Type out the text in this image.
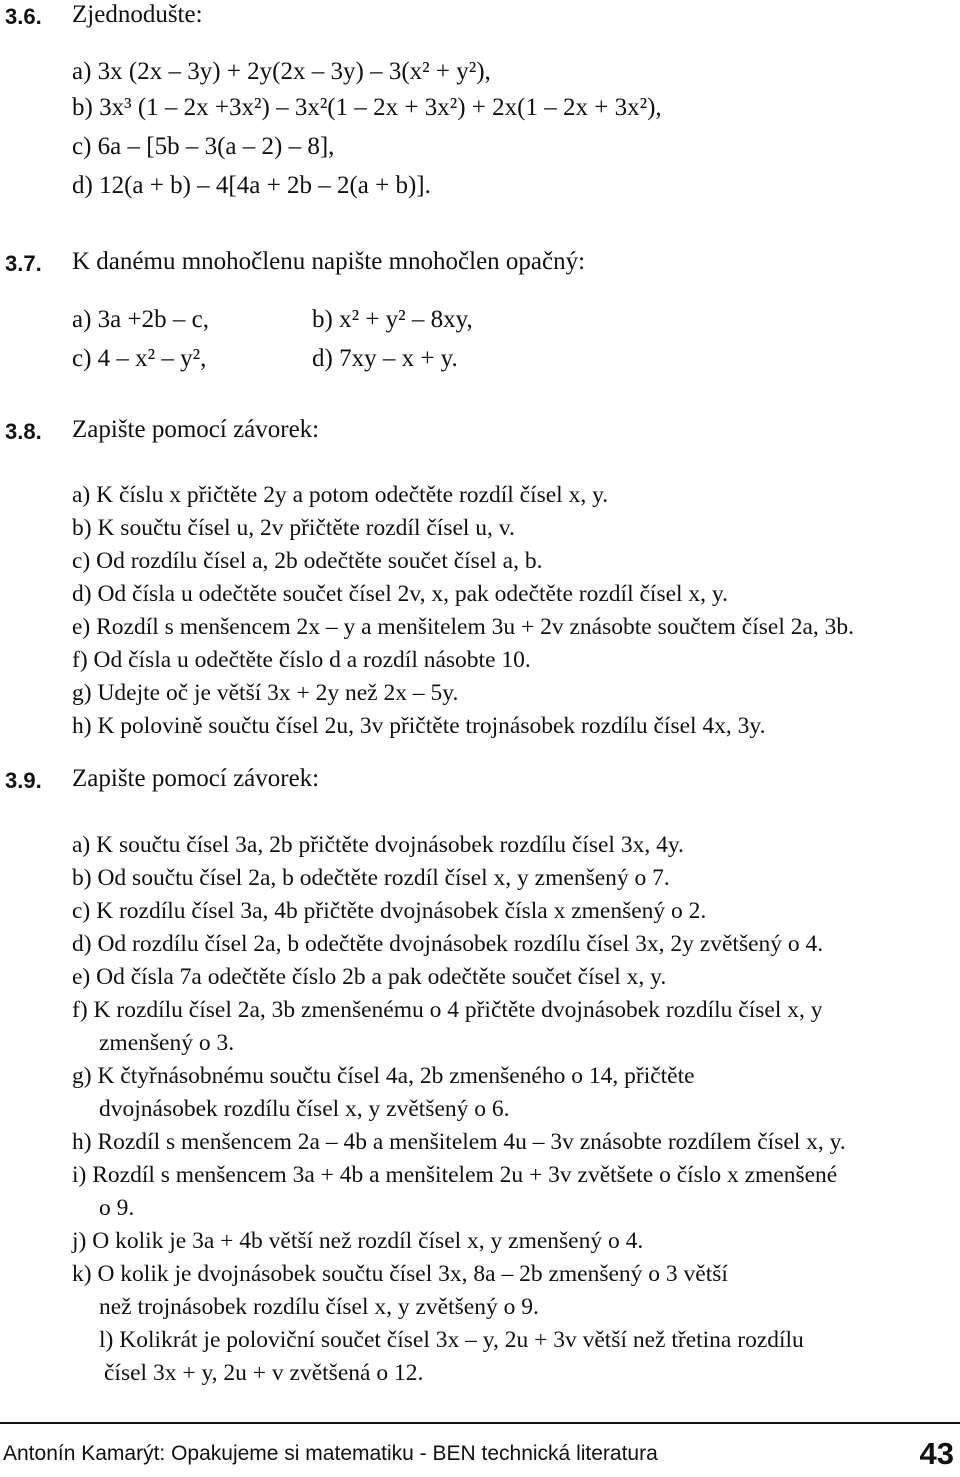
3.6. Zjednodušte:
a) 3x (2x – 3y) + 2y(2x – 3y) – 3(x² + y²),
b) 3x³ (1 – 2x +3x²) – 3x²(1 – 2x + 3x²) + 2x(1 – 2x + 3x²),
c) 6a – [5b – 3(a – 2) – 8],
d) 12(a + b) – 4[4a + 2b – 2(a + b)].
3.7. K danému mnohočlenu napište mnohočlen opačný:
a) 3a +2b – c,	b) x² + y² – 8xy,
c) 4 – x² – y²,	d) 7xy – x + y.
3.8. Zapište pomocí závorek:
a) K číslu x přičtěte 2y a potom odečtěte rozdíl čísel x, y.
b) K součtu čísel u, 2v přičtěte rozdíl čísel u, v.
c) Od rozdílu čísel a, 2b odečtěte součet čísel a, b.
d) Od čísla u odečtěte součet čísel 2v, x, pak odečtěte rozdíl čísel x, y.
e) Rozdíl s menšencem 2x – y a menšitelem 3u + 2v znásobte součtem čísel 2a, 3b.
f) Od čísla u odečtěte číslo d a rozdíl násobte 10.
g) Udejte oč je větší 3x + 2y než 2x – 5y.
h) K polovině součtu čísel 2u, 3v přičtěte trojnásobek rozdílu čísel 4x, 3y.
3.9. Zapište pomocí závorek:
a) K součtu čísel 3a, 2b přičtěte dvojnásobek rozdílu čísel 3x, 4y.
b) Od součtu čísel 2a, b odečtěte rozdíl čísel x, y zmenšený o 7.
c) K rozdílu čísel 3a, 4b přičtěte dvojnásobek čísla x zmenšený o 2.
d) Od rozdílu čísel 2a, b odečtěte dvojnásobek rozdílu čísel 3x, 2y zvětšený o 4.
e) Od čísla 7a odečtěte číslo 2b a pak odečtěte součet čísel x, y.
f) K rozdílu čísel 2a, 3b zmenšenému o 4 přičtěte dvojnásobek rozdílu čísel x, y
zmenšený o 3.
g) K čtyřnásobnému součtu čísel 4a, 2b zmenšeného o 14, přičtěte
dvojnásobek rozdílu čísel x, y zvětšený o 6.
h) Rozdíl s menšencem 2a – 4b a menšitelem 4u – 3v znásobte rozdílem čísel x, y.
i) Rozdíl s menšencem 3a + 4b a menšitelem 2u + 3v zvětšete o číslo x zmenšené
o 9.
j) O kolik je 3a + 4b větší než rozdíl čísel x, y zmenšený o 4.
k) O kolik je dvojnásobek součtu čísel 3x, 8a – 2b zmenšený o 3 větší
než trojnásobek rozdílu čísel x, y zvětšený o 9.
l) Kolikrát je poloviční součet čísel 3x – y, 2u + 3v větší než třetina rozdílu
čísel 3x + y, 2u + v zvětšená o 12.
Antonín Kamarýt: Opakujeme si matematiku - BEN technická literatura	43
